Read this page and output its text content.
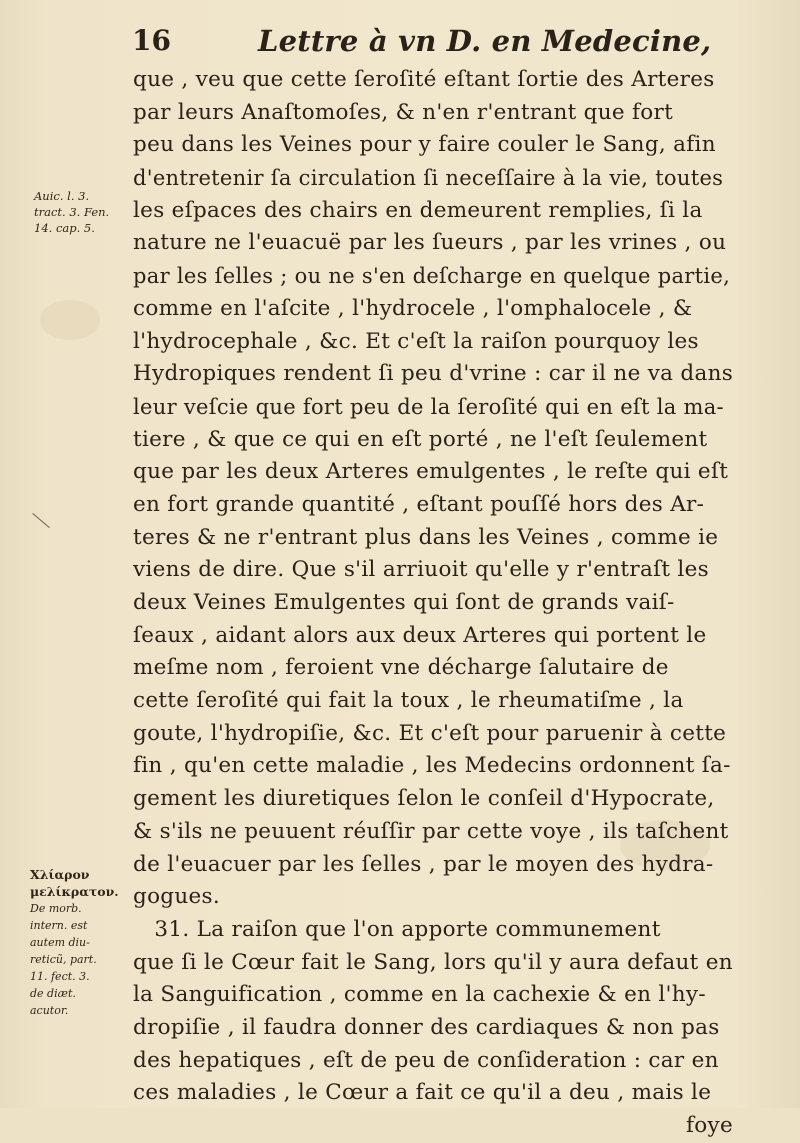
16	Lettre à vn D. en Medecine,
Auic. l. 3.
tract. 3. Fen.
14. cap. 5.
Χλίαρον
μελίκρατον.
De morb.
intern. est
autem diu-
reticũ, part.
11. fect. 3.
de diæt.
acutor.
que , veu que cette ſeroſité eſtant ſortie des Arteres
par leurs Anaſtomoſes, & n'en r'entrant que fort
peu dans les Veines pour y faire couler le Sang, afin
d'entretenir ſa circulation ſi neceſſaire à la vie, toutes
les eſpaces des chairs en demeurent remplies, ſi la
nature ne l'euacuë par les ſueurs , par les vrines , ou
par les ſelles ; ou ne s'en deſcharge en quelque partie,
comme en l'aſcite , l'hydrocele , l'omphalocele , &
l'hydrocephale , &c. Et c'eſt la raiſon pourquoy les
Hydropiques rendent ſi peu d'vrine : car il ne va dans
leur veſcie que fort peu de la ſeroſité qui en eſt la ma-
tiere , & que ce qui en eſt porté , ne l'eſt ſeulement
que par les deux Arteres emulgentes , le reſte qui eſt
en fort grande quantité , eſtant pouſſé hors des Ar-
teres & ne r'entrant plus dans les Veines , comme ie
viens de dire. Que s'il arriuoit qu'elle y r'entraſt les
deux Veines Emulgentes qui ſont de grands vaiſ-
ſeaux , aidant alors aux deux Arteres qui portent le
meſme nom , feroient vne décharge ſalutaire de
cette ſeroſité qui fait la toux , le rheumatiſme , la
goute, l'hydropiſie, &c. Et c'eſt pour paruenir à cette
fin , qu'en cette maladie , les Medecins ordonnent ſa-
gement les diuretiques ſelon le conſeil d'Hypocrate,
& s'ils ne peuuent réuſſir par cette voye , ils taſchent
de l'euacuer par les ſelles , par le moyen des hydra-
gogues.
31. La raiſon que l'on apporte communement
que ſi le Cœur fait le Sang, lors qu'il y aura defaut en
la Sanguification , comme en la cachexie & en l'hy-
dropiſie , il faudra donner des cardiaques & non pas
des hepatiques , eſt de peu de conſideration : car en
ces maladies , le Cœur a fait ce qu'il a deu , mais le
foye
